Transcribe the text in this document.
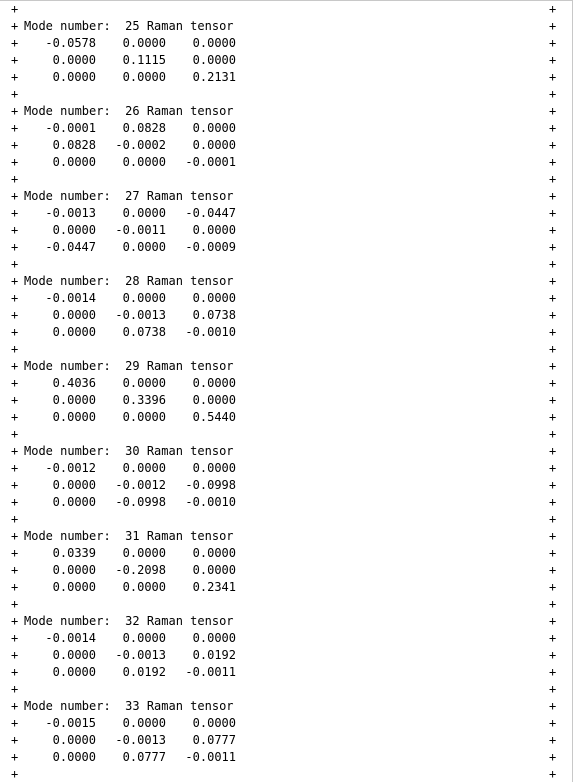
+	+
+ Mode number:  25 Raman tensor	+
+	-0.0578	0.0000	0.0000	+
+	0.0000	0.1115	0.0000	+
+	0.0000	0.0000	0.2131	+
+	+
+ Mode number:  26 Raman tensor	+
+	-0.0001	0.0828	0.0000	+
+	0.0828	-0.0002	0.0000	+
+	0.0000	0.0000	-0.0001	+
+	+
+ Mode number:  27 Raman tensor	+
+	-0.0013	0.0000	-0.0447	+
+	0.0000	-0.0011	0.0000	+
+	-0.0447	0.0000	-0.0009	+
+	+
+ Mode number:  28 Raman tensor	+
+	-0.0014	0.0000	0.0000	+
+	0.0000	-0.0013	0.0738	+
+	0.0000	0.0738	-0.0010	+
+	+
+ Mode number:  29 Raman tensor	+
+	0.4036	0.0000	0.0000	+
+	0.0000	0.3396	0.0000	+
+	0.0000	0.0000	0.5440	+
+	+
+ Mode number:  30 Raman tensor	+
+	-0.0012	0.0000	0.0000	+
+	0.0000	-0.0012	-0.0998	+
+	0.0000	-0.0998	-0.0010	+
+	+
+ Mode number:  31 Raman tensor	+
+	0.0339	0.0000	0.0000	+
+	0.0000	-0.2098	0.0000	+
+	0.0000	0.0000	0.2341	+
+	+
+ Mode number:  32 Raman tensor	+
+	-0.0014	0.0000	0.0000	+
+	0.0000	-0.0013	0.0192	+
+	0.0000	0.0192	-0.0011	+
+	+
+ Mode number:  33 Raman tensor	+
+	-0.0015	0.0000	0.0000	+
+	0.0000	-0.0013	0.0777	+
+	0.0000	0.0777	-0.0011	+
+	+
